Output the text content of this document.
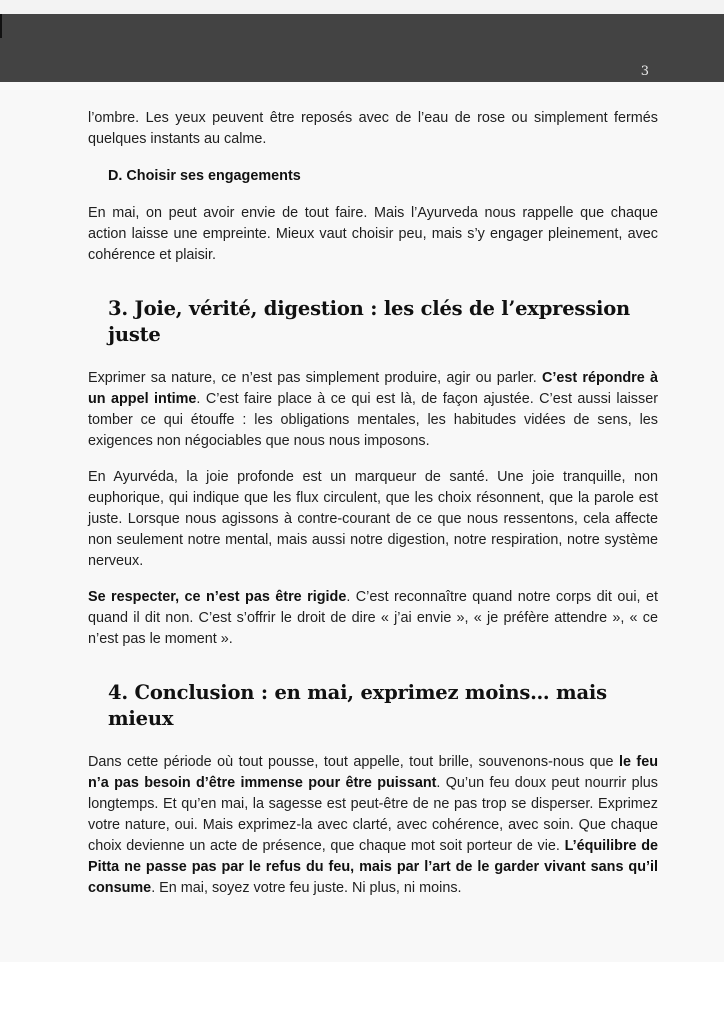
3

l’ombre. Les yeux peuvent être reposés avec de l’eau de rose ou simplement fermés quelques instants au calme.

D. Choisir ses engagements

En mai, on peut avoir envie de tout faire. Mais l’Ayurveda nous rappelle que chaque action laisse une empreinte. Mieux vaut choisir peu, mais s’y engager pleinement, avec cohérence et plaisir.

3. Joie, vérité, digestion : les clés de l’expression juste

Exprimer sa nature, ce n’est pas simplement produire, agir ou parler. C’est répondre à un appel intime. C’est faire place à ce qui est là, de façon ajustée. C’est aussi laisser tomber ce qui étouffe : les obligations mentales, les habitudes vidées de sens, les exigences non négociables que nous nous imposons.

En Ayurvéda, la joie profonde est un marqueur de santé. Une joie tranquille, non euphorique, qui indique que les flux circulent, que les choix résonnent, que la parole est juste. Lorsque nous agissons à contre-courant de ce que nous ressentons, cela affecte non seulement notre mental, mais aussi notre digestion, notre respiration, notre système nerveux.

Se respecter, ce n’est pas être rigide. C’est reconnaître quand notre corps dit oui, et quand il dit non. C’est s’offrir le droit de dire « j’ai envie », « je préfère attendre », « ce n’est pas le moment ».

4. Conclusion : en mai, exprimez moins… mais mieux

Dans cette période où tout pousse, tout appelle, tout brille, souvenons-nous que le feu n’a pas besoin d’être immense pour être puissant. Qu’un feu doux peut nourrir plus longtemps. Et qu’en mai, la sagesse est peut-être de ne pas trop se disperser. Exprimez votre nature, oui. Mais exprimez-la avec clarté, avec cohérence, avec soin. Que chaque choix devienne un acte de présence, que chaque mot soit porteur de vie. L’équilibre de Pitta ne passe pas par le refus du feu, mais par l’art de le garder vivant sans qu’il consume. En mai, soyez votre feu juste. Ni plus, ni moins.
